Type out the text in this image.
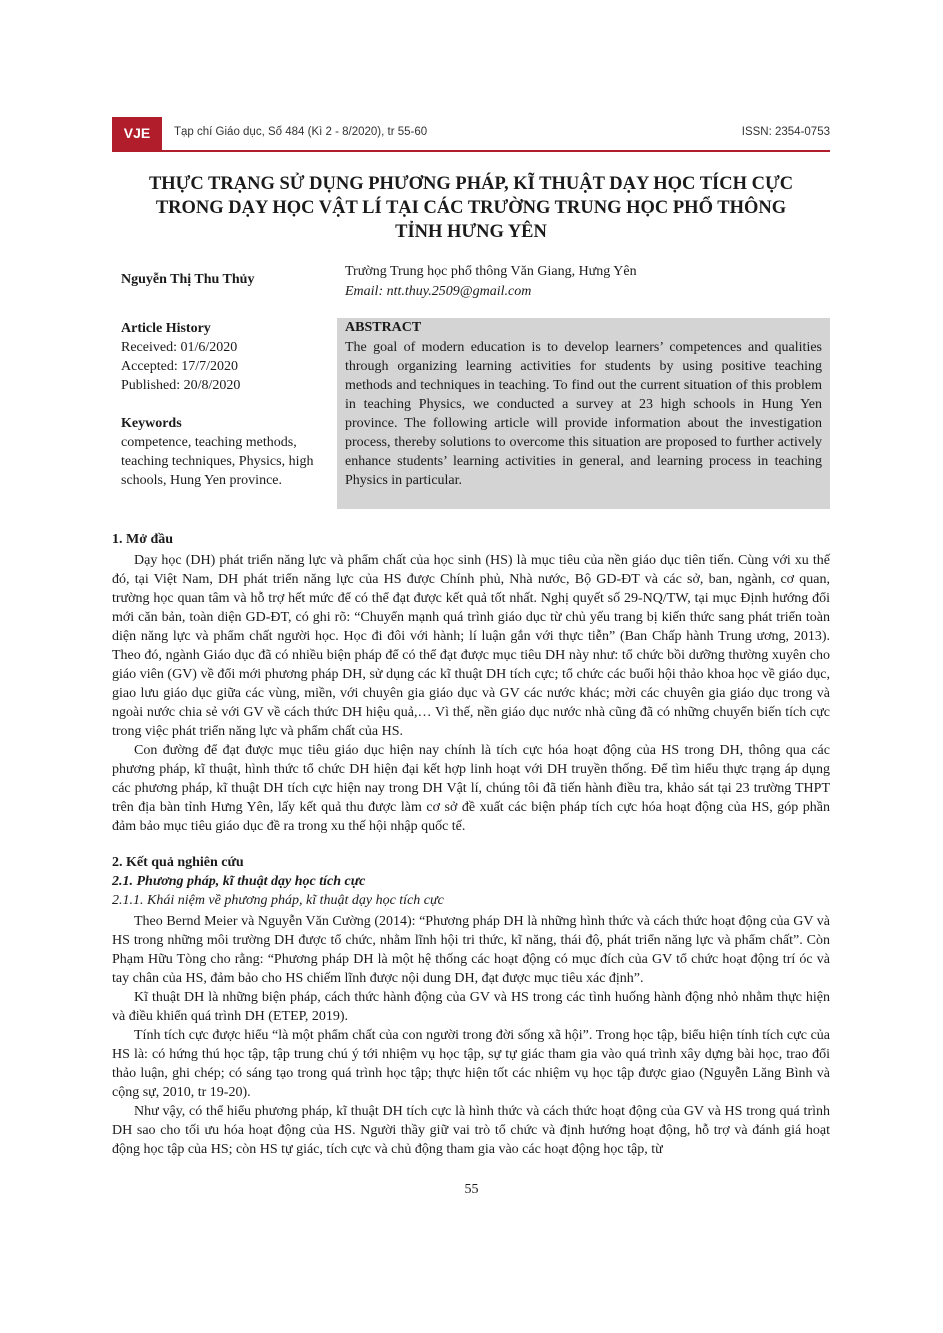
VJE	Tạp chí Giáo dục, Số 484 (Kì 2 - 8/2020), tr 55-60	ISSN: 2354-0753
THỰC TRẠNG SỬ DỤNG PHƯƠNG PHÁP, KĨ THUẬT DẠY HỌC TÍCH CỰC
TRONG DẠY HỌC VẬT LÍ TẠI CÁC TRƯỜNG TRUNG HỌC PHỔ THÔNG
TỈNH HƯNG YÊN
Nguyễn Thị Thu Thủy
Trường Trung học phổ thông Văn Giang, Hưng Yên
Email: ntt.thuy.2509@gmail.com
Article History
Received: 01/6/2020
Accepted: 17/7/2020
Published: 20/8/2020
Keywords
competence, teaching methods, teaching techniques, Physics, high schools, Hung Yen province.
ABSTRACT
The goal of modern education is to develop learners’ competences and qualities through organizing learning activities for students by using positive teaching methods and techniques in teaching. To find out the current situation of this problem in teaching Physics, we conducted a survey at 23 high schools in Hung Yen province. The following article will provide information about the investigation process, thereby solutions to overcome this situation are proposed to further actively enhance students’ learning activities in general, and learning process in teaching Physics in particular.
1. Mở đầu

Dạy học (DH) phát triển năng lực và phẩm chất của học sinh (HS) là mục tiêu của nền giáo dục tiên tiến. Cùng với xu thế đó, tại Việt Nam, DH phát triển năng lực của HS được Chính phủ, Nhà nước, Bộ GD-ĐT và các sở, ban, ngành, cơ quan, trường học quan tâm và hỗ trợ hết mức để có thể đạt được kết quả tốt nhất. Nghị quyết số 29-NQ/TW, tại mục Định hướng đổi mới căn bản, toàn diện GD-ĐT, có ghi rõ: “Chuyển mạnh quá trình giáo dục từ chủ yếu trang bị kiến thức sang phát triển toàn diện năng lực và phẩm chất người học. Học đi đôi với hành; lí luận gắn với thực tiễn” (Ban Chấp hành Trung ương, 2013). Theo đó, ngành Giáo dục đã có nhiều biện pháp để có thể đạt được mục tiêu DH này như: tổ chức bồi dưỡng thường xuyên cho giáo viên (GV) về đổi mới phương pháp DH, sử dụng các kĩ thuật DH tích cực; tổ chức các buổi hội thảo khoa học về giáo dục, giao lưu giáo dục giữa các vùng, miền, với chuyên gia giáo dục và GV các nước khác; mời các chuyên gia giáo dục trong và ngoài nước chia sẻ với GV về cách thức DH hiệu quả,… Vì thế, nền giáo dục nước nhà cũng đã có những chuyển biến tích cực trong việc phát triển năng lực và phẩm chất của HS.

Con đường để đạt được mục tiêu giáo dục hiện nay chính là tích cực hóa hoạt động của HS trong DH, thông qua các phương pháp, kĩ thuật, hình thức tổ chức DH hiện đại kết hợp linh hoạt với DH truyền thống. Để tìm hiểu thực trạng áp dụng các phương pháp, kĩ thuật DH tích cực hiện nay trong DH Vật lí, chúng tôi đã tiến hành điều tra, khảo sát tại 23 trường THPT trên địa bàn tỉnh Hưng Yên, lấy kết quả thu được làm cơ sở đề xuất các biện pháp tích cực hóa hoạt động của HS, góp phần đảm bảo mục tiêu giáo dục đề ra trong xu thế hội nhập quốc tế.

2. Kết quả nghiên cứu
2.1. Phương pháp, kĩ thuật dạy học tích cực
2.1.1. Khái niệm về phương pháp, kĩ thuật dạy học tích cực

Theo Bernd Meier và Nguyễn Văn Cường (2014): “Phương pháp DH là những hình thức và cách thức hoạt động của GV và HS trong những môi trường DH được tổ chức, nhằm lĩnh hội tri thức, kĩ năng, thái độ, phát triển năng lực và phẩm chất”. Còn Phạm Hữu Tòng cho rằng: “Phương pháp DH là một hệ thống các hoạt động có mục đích của GV tổ chức hoạt động trí óc và tay chân của HS, đảm bảo cho HS chiếm lĩnh được nội dung DH, đạt được mục tiêu xác định”.

Kĩ thuật DH là những biện pháp, cách thức hành động của GV và HS trong các tình huống hành động nhỏ nhằm thực hiện và điều khiển quá trình DH (ETEP, 2019).

Tính tích cực được hiểu “là một phẩm chất của con người trong đời sống xã hội”. Trong học tập, biểu hiện tính tích cực của HS là: có hứng thú học tập, tập trung chú ý tới nhiệm vụ học tập, sự tự giác tham gia vào quá trình xây dựng bài học, trao đổi thảo luận, ghi chép; có sáng tạo trong quá trình học tập; thực hiện tốt các nhiệm vụ học tập được giao (Nguyễn Lăng Bình và cộng sự, 2010, tr 19-20).

Như vậy, có thể hiểu phương pháp, kĩ thuật DH tích cực là hình thức và cách thức hoạt động của GV và HS trong quá trình DH sao cho tối ưu hóa hoạt động của HS. Người thầy giữ vai trò tổ chức và định hướng hoạt động, hỗ trợ và đánh giá hoạt động học tập của HS; còn HS tự giác, tích cực và chủ động tham gia vào các hoạt động học tập, từ

55
